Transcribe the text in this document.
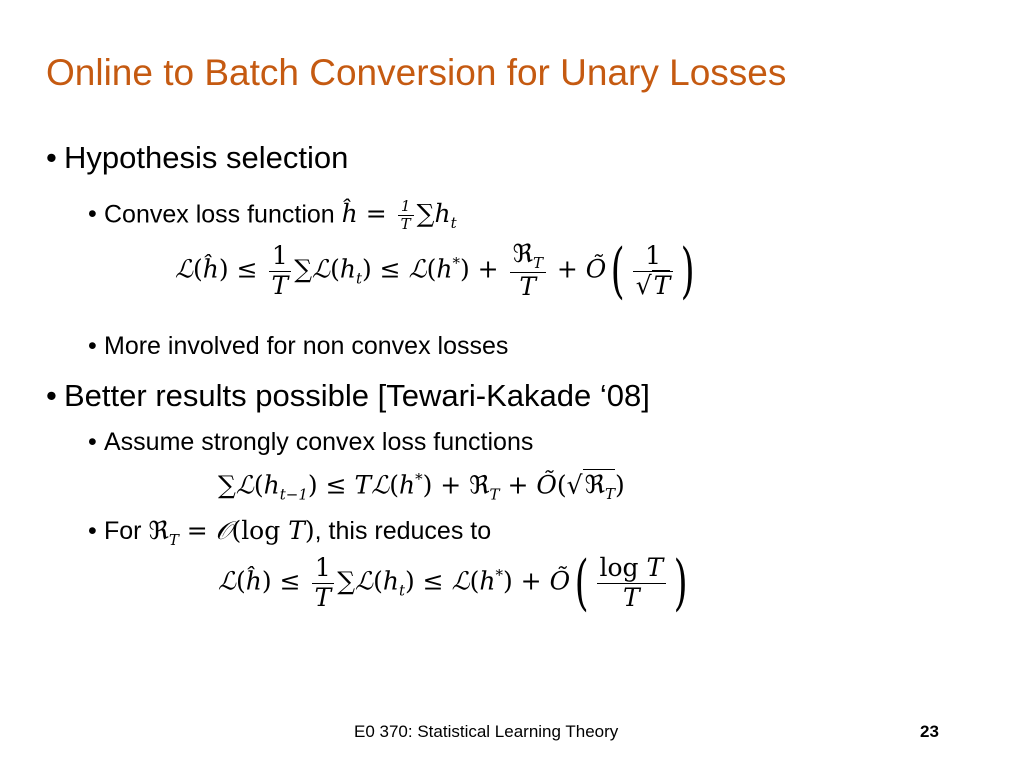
Online to Batch Conversion for Unary Losses
• Hypothesis selection
• Convex loss function ĥ = $\frac{1}{T} \sum h_t$
ℒ(ĥ) ≤ $\frac{1}{T}$ $\sum ℒ(h_t)$ ≤ ℒ(h*) + $\frac{ℜ_T}{T}$ + Õ( $\frac{1}{√T}$ )
• More involved for non convex losses
• Better results possible [Tewari-Kakade ‘08]
• Assume strongly convex loss functions
$\sum ℒ(h_{t-1})$ ≤ Tℒ(h*) + ℜ$_T$ + Õ(√ℜ$_T$)
• For ℜ$_T$ = 𝒪(log T), this reduces to
ℒ(ĥ) ≤ $\frac{1}{T}$ $\sum ℒ(h_t)$ ≤ ℒ(h*) + Õ( $\frac{\text{log T}}{T}$ )
E0 370: Statistical Learning Theory	23
